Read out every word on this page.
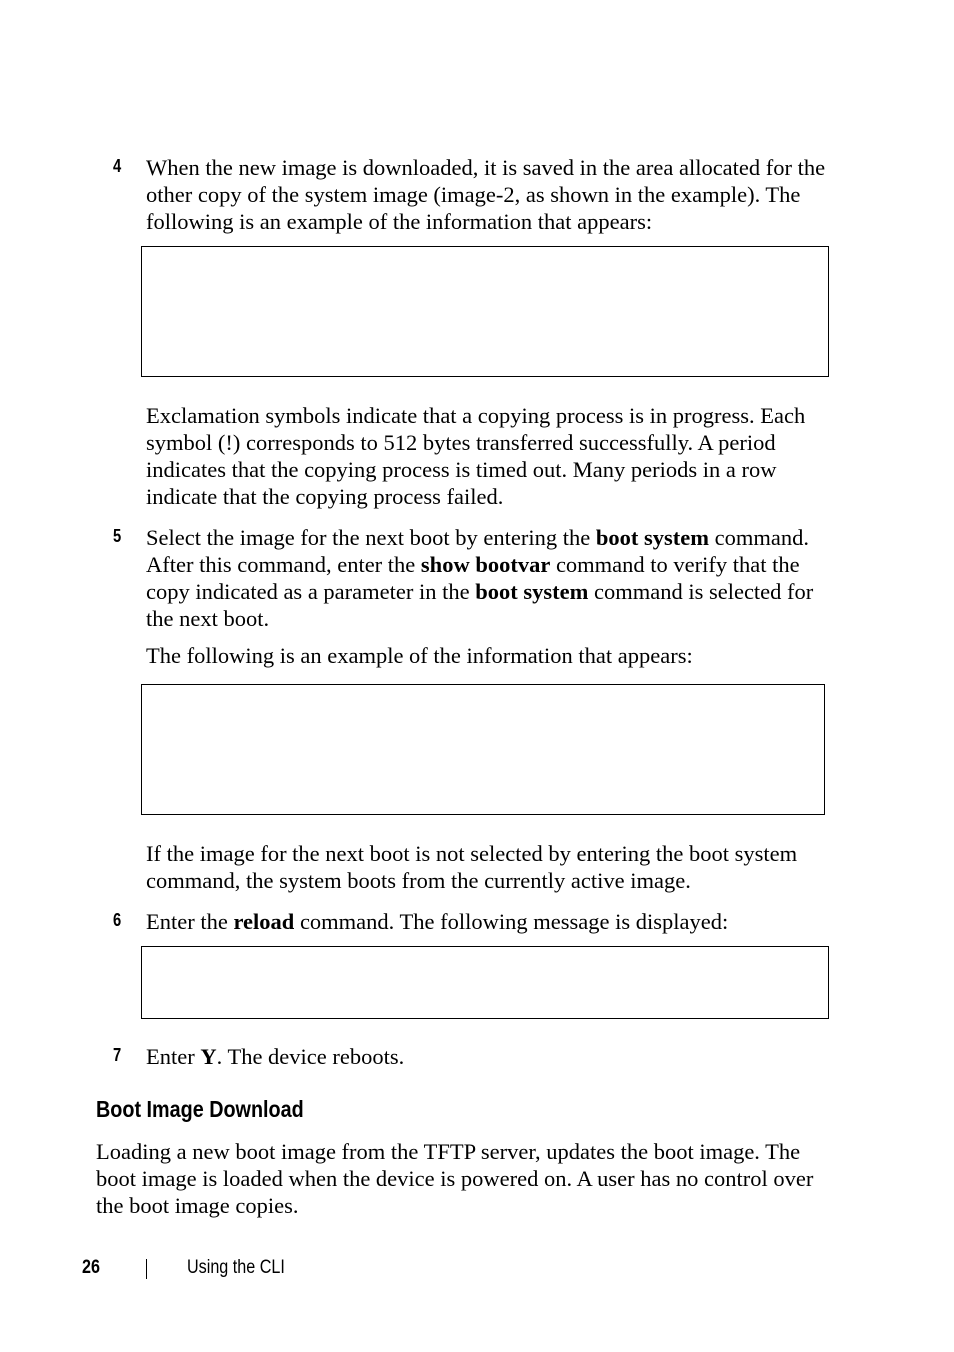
4 When the new image is downloaded, it is saved in the area allocated for the other copy of the system image (image-2, as shown in the example). The following is an example of the information that appears:

Exclamation symbols indicate that a copying process is in progress. Each symbol (!) corresponds to 512 bytes transferred successfully. A period indicates that the copying process is timed out. Many periods in a row indicate that the copying process failed.

5 Select the image for the next boot by entering the boot system command. After this command, enter the show bootvar command to verify that the copy indicated as a parameter in the boot system command is selected for the next boot.

The following is an example of the information that appears:

If the image for the next boot is not selected by entering the boot system command, the system boots from the currently active image.

6 Enter the reload command. The following message is displayed:

7 Enter Y. The device reboots.

Boot Image Download

Loading a new boot image from the TFTP server, updates the boot image. The boot image is loaded when the device is powered on. A user has no control over the boot image copies.

26	Using the CLI
